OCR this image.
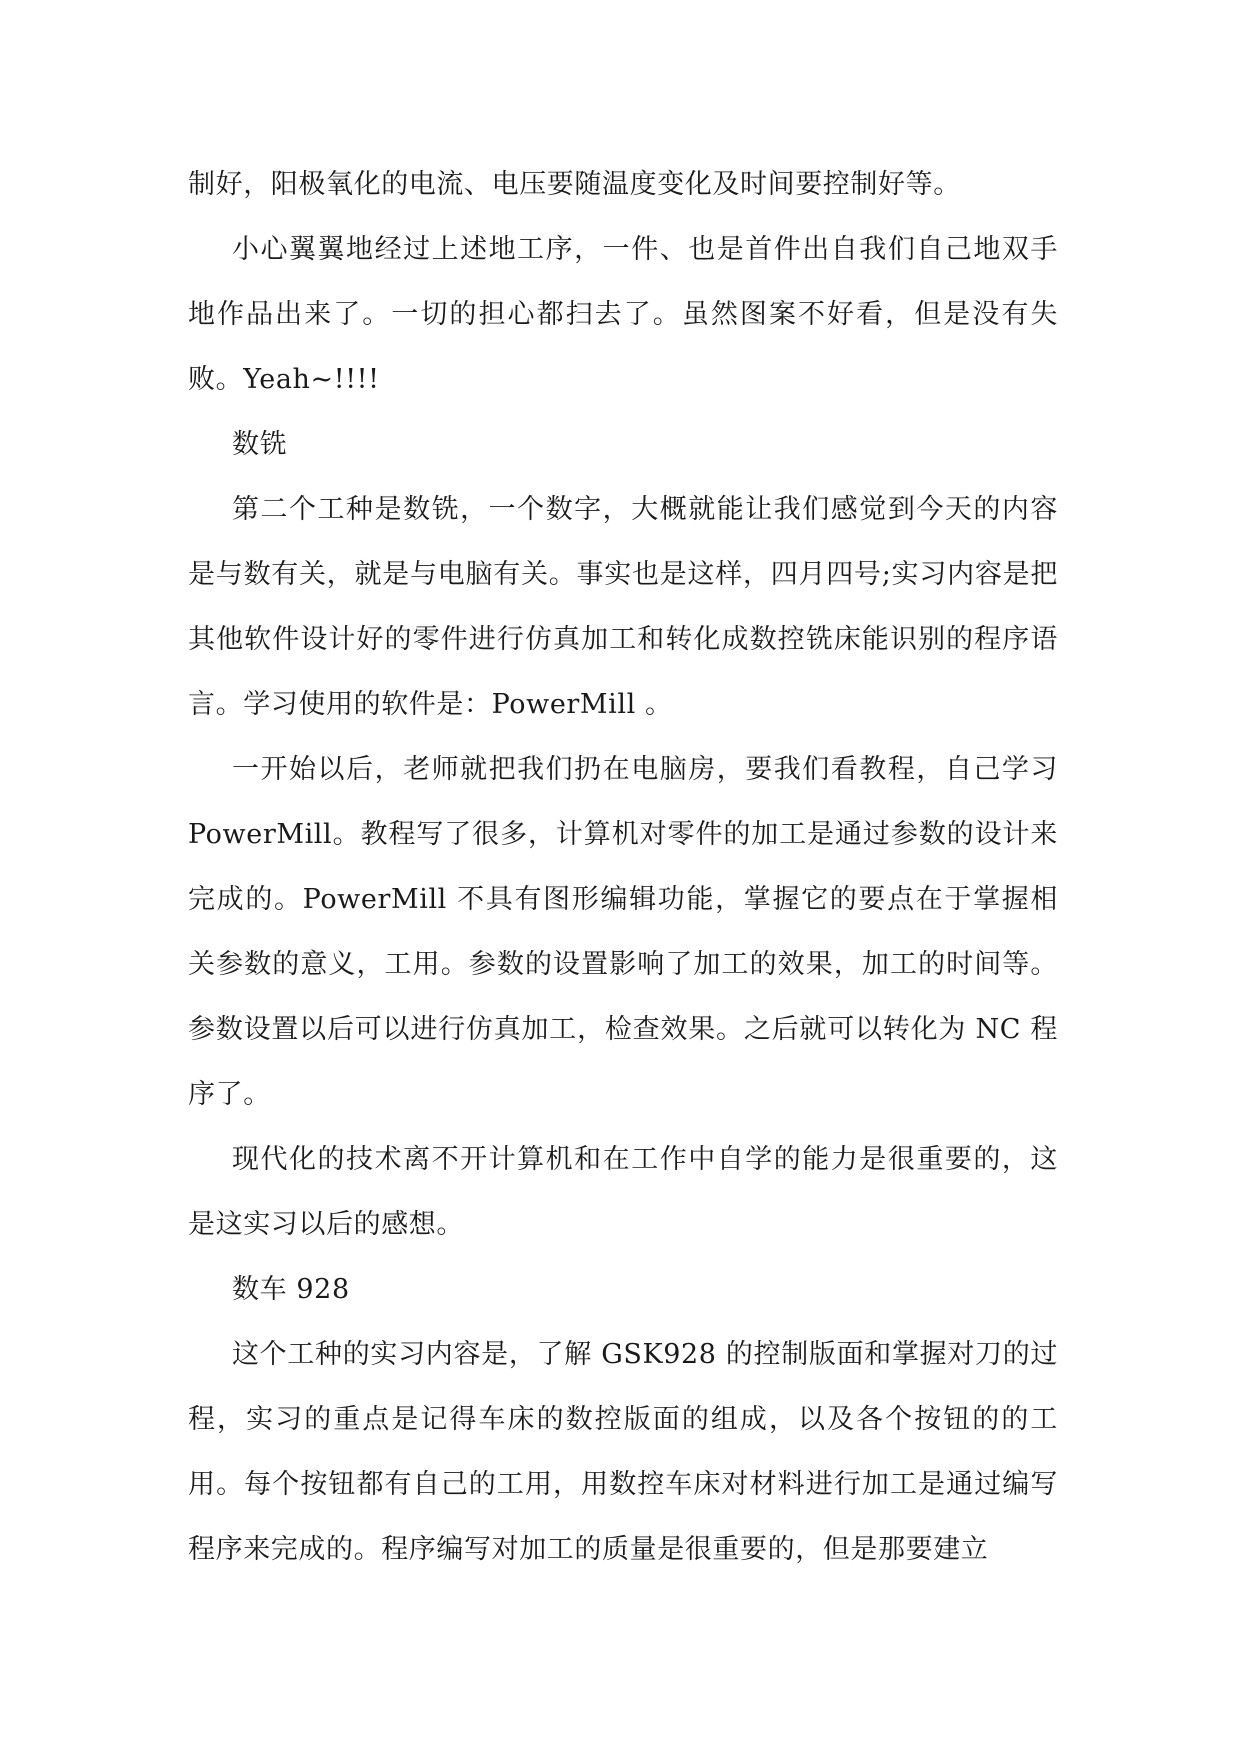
制好，阳极氧化的电流、电压要随温度变化及时间要控制好等。

小心翼翼地经过上述地工序，一件、也是首件出自我们自己地双手地作品出来了。一切的担心都扫去了。虽然图案不好看，但是没有失败。Yeah~!!!!

数铣

第二个工种是数铣，一个数字，大概就能让我们感觉到今天的内容是与数有关，就是与电脑有关。事实也是这样，四月四号;实习内容是把其他软件设计好的零件进行仿真加工和转化成数控铣床能识别的程序语言。学习使用的软件是：PowerMill 。

一开始以后，老师就把我们扔在电脑房，要我们看教程，自己学习 PowerMill。教程写了很多，计算机对零件的加工是通过参数的设计来完成的。PowerMill 不具有图形编辑功能，掌握它的要点在于掌握相关参数的意义，工用。参数的设置影响了加工的效果，加工的时间等。参数设置以后可以进行仿真加工，检查效果。之后就可以转化为 NC 程序了。

现代化的技术离不开计算机和在工作中自学的能力是很重要的，这是这实习以后的感想。

数车 928

这个工种的实习内容是，了解 GSK928 的控制版面和掌握对刀的过程，实习的重点是记得车床的数控版面的组成，以及各个按钮的的工用。每个按钮都有自己的工用，用数控车床对材料进行加工是通过编写程序来完成的。程序编写对加工的质量是很重要的，但是那要建立
